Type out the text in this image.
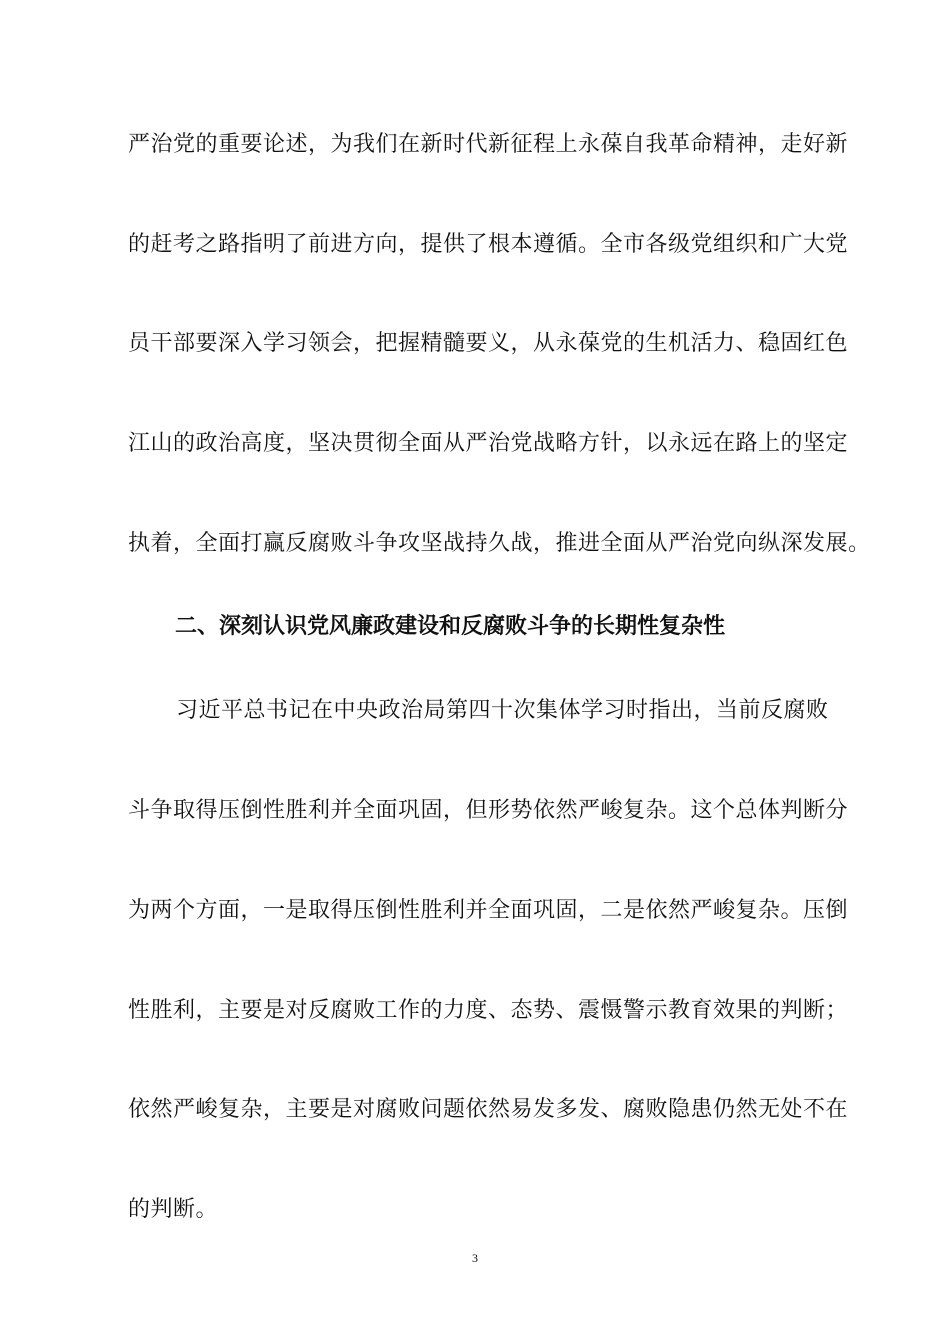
严治党的重要论述，为我们在新时代新征程上永葆自我革命精神，走好新
的赶考之路指明了前进方向，提供了根本遵循。全市各级党组织和广大党
员干部要深入学习领会，把握精髓要义，从永葆党的生机活力、稳固红色
江山的政治高度，坚决贯彻全面从严治党战略方针，以永远在路上的坚定
执着，全面打赢反腐败斗争攻坚战持久战，推进全面从严治党向纵深发展。
二、深刻认识党风廉政建设和反腐败斗争的长期性复杂性
习近平总书记在中央政治局第四十次集体学习时指出，当前反腐败
斗争取得压倒性胜利并全面巩固，但形势依然严峻复杂。这个总体判断分
为两个方面，一是取得压倒性胜利并全面巩固，二是依然严峻复杂。压倒
性胜利，主要是对反腐败工作的力度、态势、震慑警示教育效果的判断；
依然严峻复杂，主要是对腐败问题依然易发多发、腐败隐患仍然无处不在
的判断。
3
